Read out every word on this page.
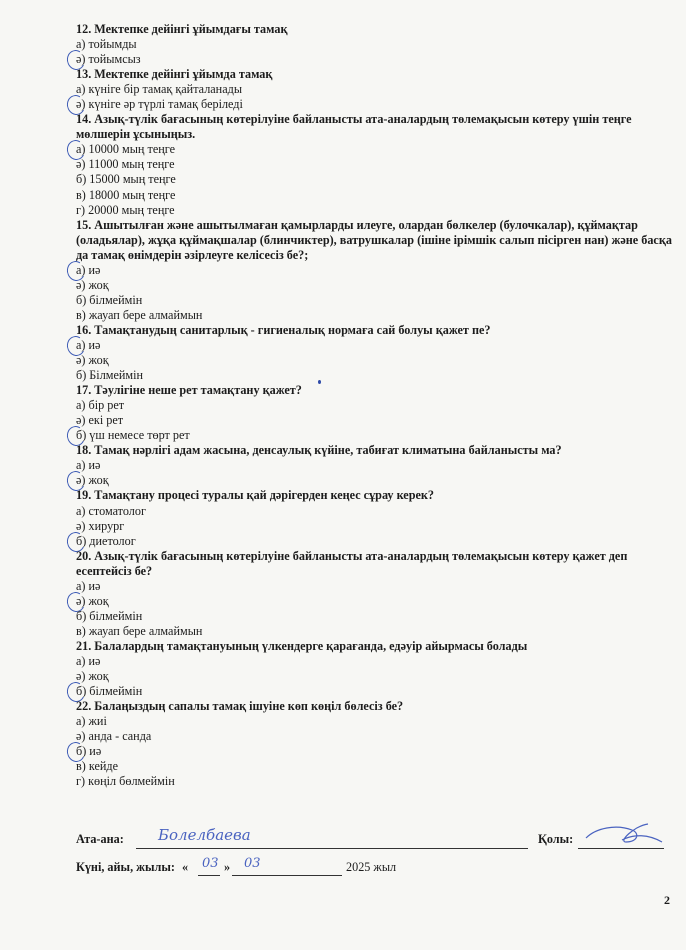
12. Мектепке дейінгі ұйымдағы тамақ

а) тойымды

ә) тойымсыз

13. Мектепке дейінгі ұйымда тамақ

а) күніге бір тамақ қайталанады

ә) күніге әр түрлі тамақ беріледі

14. Азық-түлік бағасының көтерілуіне байланысты ата-аналардың төлемақысын көтеру үшін теңге мөлшерін ұсыныңыз.

а) 10000 мың теңге

ә) 11000 мың теңге

б) 15000 мың теңге

в) 18000 мың теңге

г) 20000 мың теңге

15. Ашытылған және ашытылмаған қамырларды илеуге, олардан бөлкелер (булочкалар), құймақтар (оладьялар), жұқа құймақшалар (блинчиктер), ватрушкалар (ішіне ірімшік салып пісірген нан) және басқа да тамақ өнімдерін әзірлеуге келісесіз бе?;

а) иә

ә) жоқ

б) білмеймін

в) жауап бере алмаймын

16. Тамақтанудың санитарлық - гигиеналық нормаға сай болуы қажет пе?

а) иә

ә) жоқ

б) Білмеймін

17. Тәулігіне неше рет тамақтану қажет?

а) бір рет

ә) екі рет

б) үш немесе төрт рет

18. Тамақ нәрлігі адам жасына, денсаулық күйіне, табиғат климатына байланысты ма?

а) иә

ә) жоқ

19. Тамақтану процесі туралы қай дәрігерден кеңес сұрау керек?

а) стоматолог

ә) хирург

б) диетолог

20. Азық-түлік бағасының көтерілуіне байланысты ата-аналардың төлемақысын көтеру қажет деп есептейсіз бе?

а) иә

ә) жоқ

б) білмеймін

в) жауап бере алмаймын

21. Балалардың тамақтануының үлкендерге қарағанда, едәуір айырмасы болады

а) иә

ә) жоқ

б) білмеймін

22. Балаңыздың сапалы тамақ ішуіне көп көңіл бөлесіз бе?

а) жиі

ә) анда - санда

б) иә

в) кейде

г) көңіл бөлмеймін

Ата-ана: Болелбаева	Қолы:
Күні, айы, жылы: « 03 » 03	2025 жыл
2
